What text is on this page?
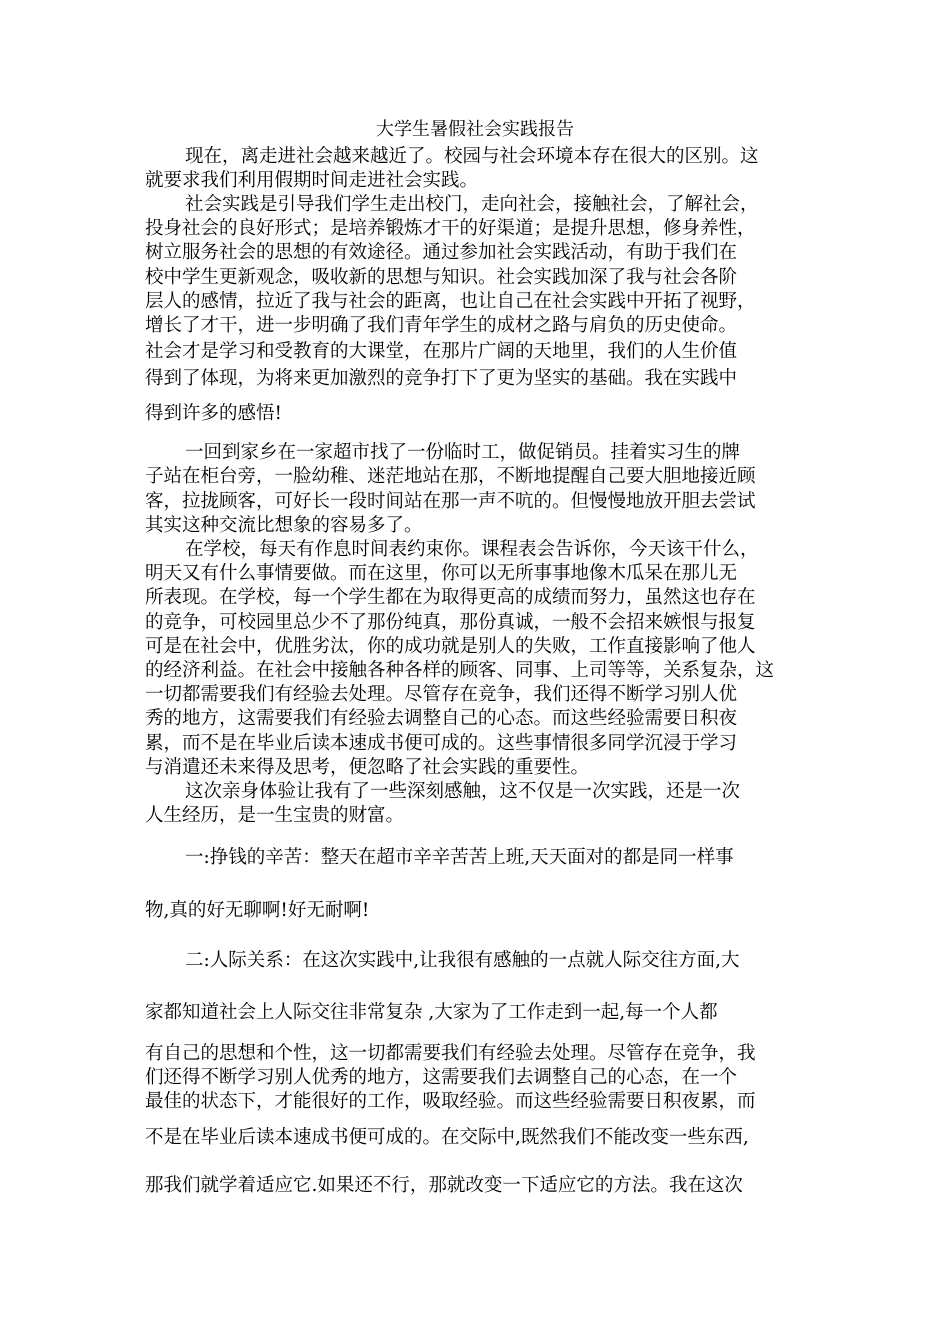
大学生暑假社会实践报告
现在，离走进社会越来越近了。校园与社会环境本存在很大的区别。这
就要求我们利用假期时间走进社会实践。
社会实践是引导我们学生走出校门，走向社会，接触社会，了解社会，
投身社会的良好形式；是培养锻炼才干的好渠道；是提升思想，修身养性，
树立服务社会的思想的有效途径。通过参加社会实践活动，有助于我们在
校中学生更新观念，吸收新的思想与知识。社会实践加深了我与社会各阶
层人的感情，拉近了我与社会的距离，也让自己在社会实践中开拓了视野，
增长了才干，进一步明确了我们青年学生的成材之路与肩负的历史使命。
社会才是学习和受教育的大课堂，在那片广阔的天地里，我们的人生价值
得到了体现，为将来更加激烈的竞争打下了更为坚实的基础。我在实践中
得到许多的感悟!
一回到家乡在一家超市找了一份临时工，做促销员。挂着实习生的牌
子站在柜台旁，一脸幼稚、迷茫地站在那，不断地提醒自己要大胆地接近顾
客，拉拢顾客，可好长一段时间站在那一声不吭的。但慢慢地放开胆去尝试
其实这种交流比想象的容易多了。
在学校，每天有作息时间表约束你。课程表会告诉你，今天该干什么，
明天又有什么事情要做。而在这里，你可以无所事事地像木瓜呆在那儿无
所表现。在学校，每一个学生都在为取得更高的成绩而努力，虽然这也存在
的竞争，可校园里总少不了那份纯真，那份真诚，一般不会招来嫉恨与报复
可是在社会中，优胜劣汰，你的成功就是别人的失败，工作直接影响了他人
的经济利益。在社会中接触各种各样的顾客、同事、上司等等，关系复杂，这
一切都需要我们有经验去处理。尽管存在竞争，我们还得不断学习别人优
秀的地方，这需要我们有经验去调整自己的心态。而这些经验需要日积夜
累，而不是在毕业后读本速成书便可成的。这些事情很多同学沉浸于学习
与消遣还未来得及思考，便忽略了社会实践的重要性。
这次亲身体验让我有了一些深刻感触，这不仅是一次实践，还是一次
人生经历，是一生宝贵的财富。
一:挣钱的辛苦：整天在超市辛辛苦苦上班,天天面对的都是同一样事
物,真的好无聊啊!好无耐啊!
二:人际关系：在这次实践中,让我很有感触的一点就人际交往方面,大
家都知道社会上人际交往非常复杂 ,大家为了工作走到一起,每一个人都
有自己的思想和个性，这一切都需要我们有经验去处理。尽管存在竞争，我
们还得不断学习别人优秀的地方，这需要我们去调整自己的心态，在一个
最佳的状态下，才能很好的工作，吸取经验。而这些经验需要日积夜累，而
不是在毕业后读本速成书便可成的。在交际中,既然我们不能改变一些东西,
那我们就学着适应它.如果还不行，那就改变一下适应它的方法。我在这次
